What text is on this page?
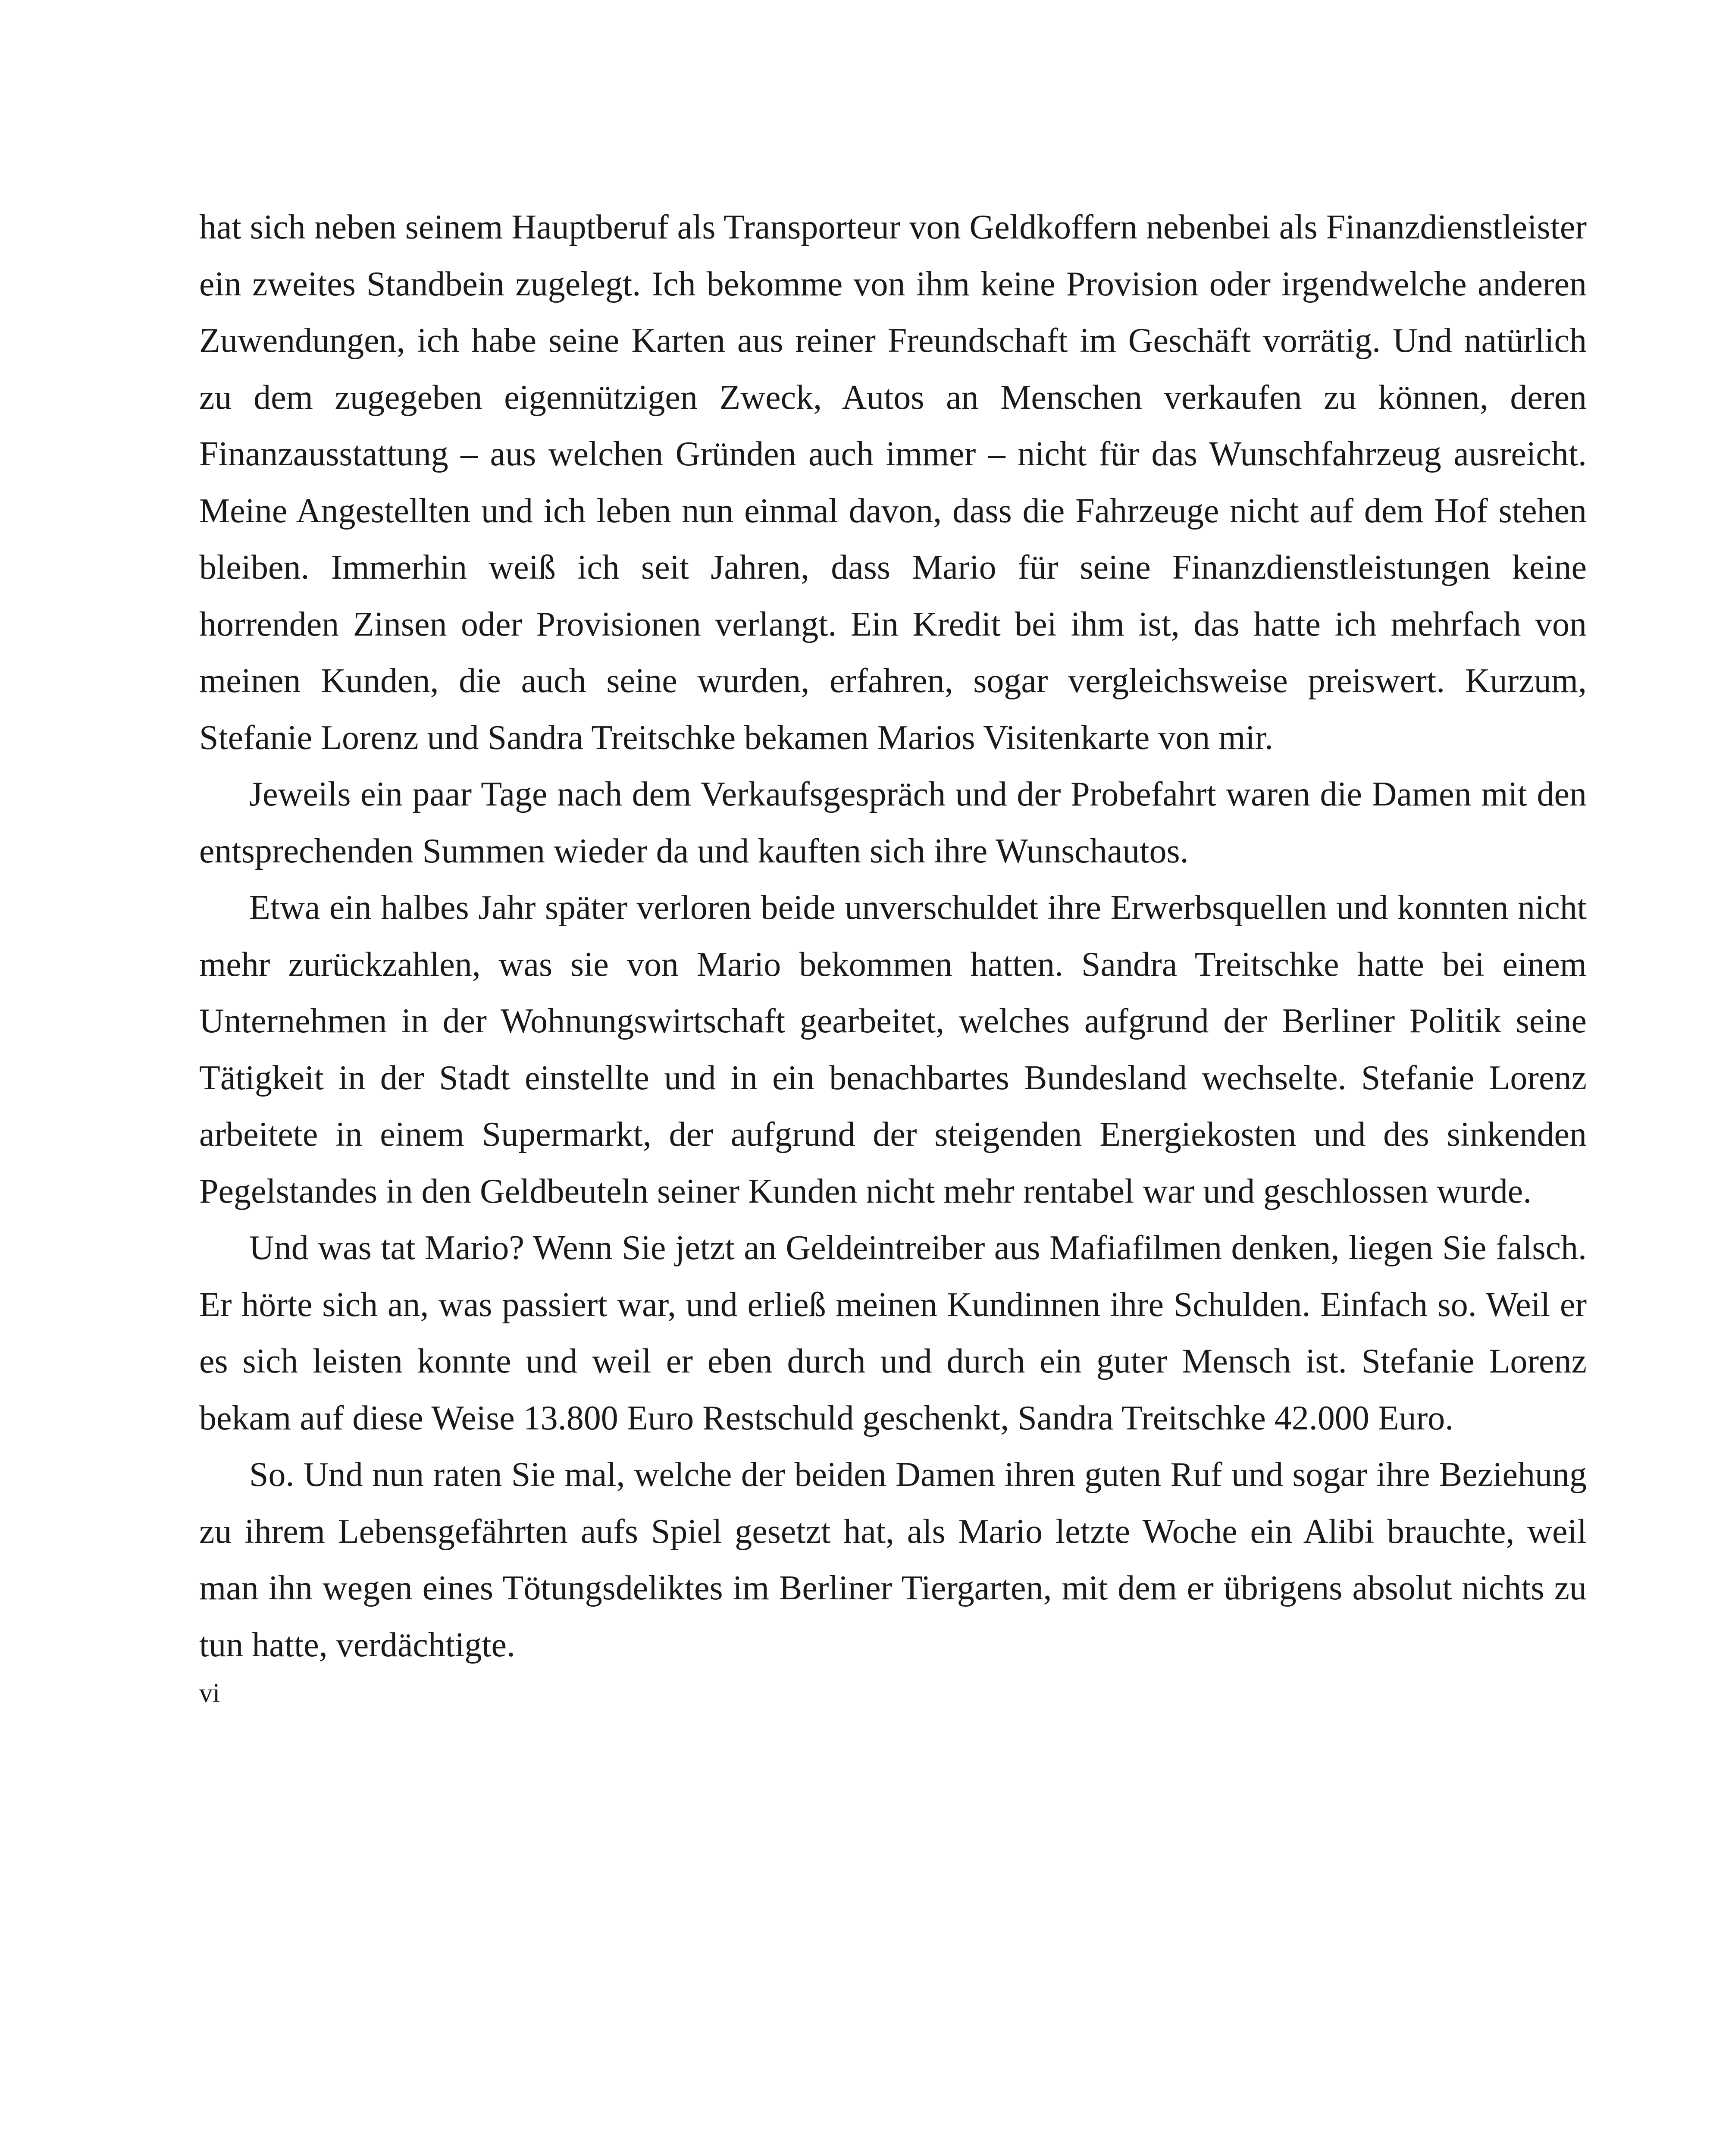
hat sich neben seinem Hauptberuf als Transporteur von Geldkoffern nebenbei als Finanzdienstleister ein zweites Standbein zugelegt. Ich bekomme von ihm keine Provision oder irgendwelche anderen Zuwendungen, ich habe seine Karten aus reiner Freundschaft im Geschäft vorrätig. Und natürlich zu dem zugegeben eigennützigen Zweck, Autos an Menschen verkaufen zu können, deren Finanzausstattung – aus welchen Gründen auch immer – nicht für das Wunschfahrzeug ausreicht. Meine Angestellten und ich leben nun einmal davon, dass die Fahrzeuge nicht auf dem Hof stehen bleiben. Immerhin weiß ich seit Jahren, dass Mario für seine Finanzdienstleistungen keine horrenden Zinsen oder Provisionen verlangt. Ein Kredit bei ihm ist, das hatte ich mehrfach von meinen Kunden, die auch seine wurden, erfahren, sogar vergleichsweise preiswert. Kurzum, Stefanie Lorenz und Sandra Treitschke bekamen Marios Visitenkarte von mir.

Jeweils ein paar Tage nach dem Verkaufsgespräch und der Probefahrt waren die Damen mit den entsprechenden Summen wieder da und kauften sich ihre Wunschautos.

Etwa ein halbes Jahr später verloren beide unverschuldet ihre Erwerbsquellen und konnten nicht mehr zurückzahlen, was sie von Mario bekommen hatten. Sandra Treitschke hatte bei einem Unternehmen in der Wohnungswirtschaft gearbeitet, welches aufgrund der Berliner Politik seine Tätigkeit in der Stadt einstellte und in ein benachbartes Bundesland wechselte. Stefanie Lorenz arbeitete in einem Supermarkt, der aufgrund der steigenden Energiekosten und des sinkenden Pegelstandes in den Geldbeuteln seiner Kunden nicht mehr rentabel war und geschlossen wurde.

Und was tat Mario? Wenn Sie jetzt an Geldeintreiber aus Mafiafilmen denken, liegen Sie falsch. Er hörte sich an, was passiert war, und erließ meinen Kundinnen ihre Schulden. Einfach so. Weil er es sich leisten konnte und weil er eben durch und durch ein guter Mensch ist. Stefanie Lorenz bekam auf diese Weise 13.800 Euro Restschuld geschenkt, Sandra Treitschke 42.000 Euro.

So. Und nun raten Sie mal, welche der beiden Damen ihren guten Ruf und sogar ihre Beziehung zu ihrem Lebensgefährten aufs Spiel gesetzt hat, als Mario letzte Woche ein Alibi brauchte, weil man ihn wegen eines Tötungsdeliktes im Berliner Tiergarten, mit dem er übrigens absolut nichts zu tun hatte, verdächtigte.

vi
